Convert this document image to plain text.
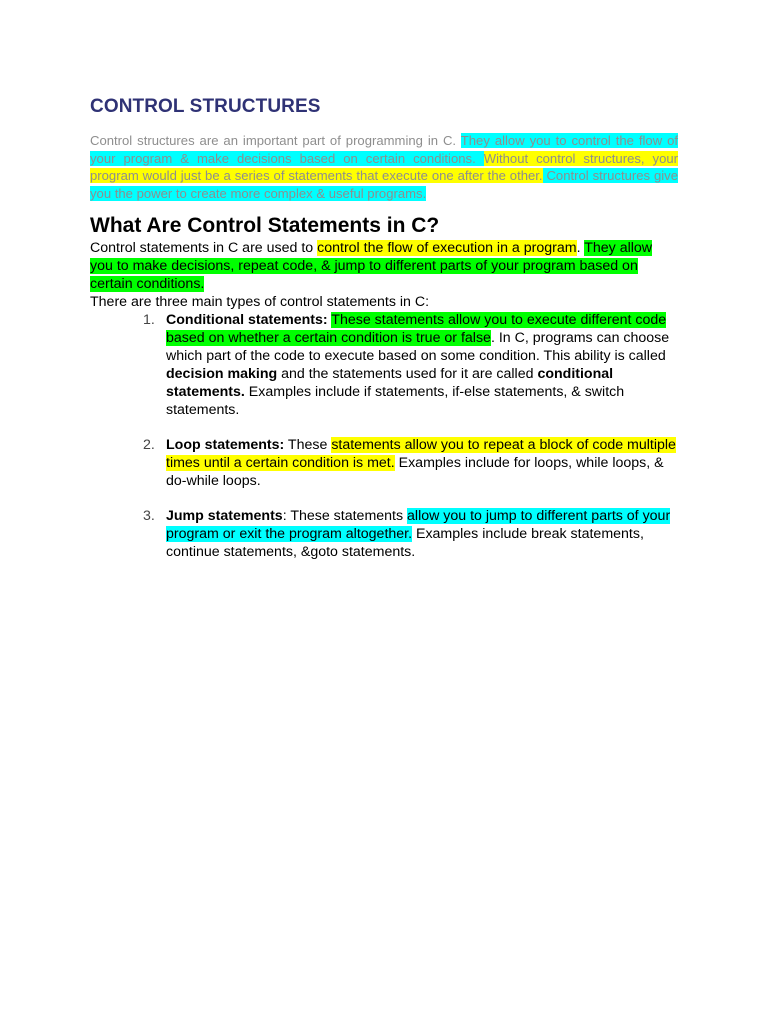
CONTROL STRUCTURES

Control structures are an important part of programming in C. They allow you to control the flow of your program & make decisions based on certain conditions. Without control structures, your program would just be a series of statements that execute one after the other. Control structures give you the power to create more complex & useful programs.

What Are Control Statements in C?

Control statements in C are used to control the flow of execution in a program. They allow you to make decisions, repeat code, & jump to different parts of your program based on certain conditions.

There are three main types of control statements in C:

1. Conditional statements: These statements allow you to execute different code based on whether a certain condition is true or false. In C, programs can choose which part of the code to execute based on some condition. This ability is called decision making and the statements used for it are called conditional statements. Examples include if statements, if-else statements, & switch statements.
2. Loop statements: These statements allow you to repeat a block of code multiple times until a certain condition is met. Examples include for loops, while loops, & do-while loops.
3. Jump statements: These statements allow you to jump to different parts of your program or exit the program altogether. Examples include break statements, continue statements, &goto statements.
